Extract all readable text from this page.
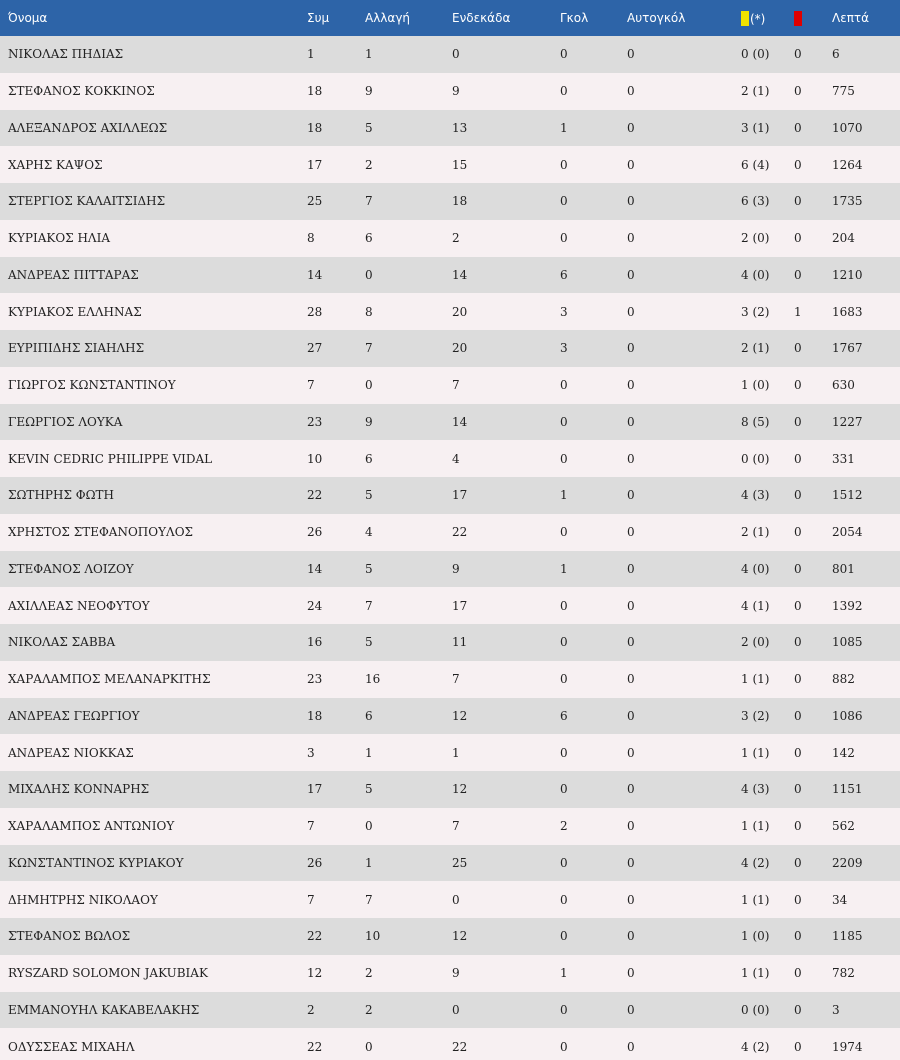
Όνομα	Συμ	Αλλαγή	Ενδεκάδα	Γκολ	Αυτογκόλ	(*)		Λεπτά
ΝΙΚΟΛΑΣ ΠΗΔΙΑΣ	1	1	0	0	0	0 (0)	0	6
ΣΤΕΦΑΝΟΣ ΚΟΚΚΙΝΟΣ	18	9	9	0	0	2 (1)	0	775
ΑΛΕΞΑΝΔΡΟΣ ΑΧΙΛΛΕΩΣ	18	5	13	1	0	3 (1)	0	1070
ΧΑΡΗΣ ΚΑΨΟΣ	17	2	15	0	0	6 (4)	0	1264
ΣΤΕΡΓΙΟΣ ΚΑΛΑΙΤΣΙΔΗΣ	25	7	18	0	0	6 (3)	0	1735
ΚΥΡΙΑΚΟΣ ΗΛΙΑ	8	6	2	0	0	2 (0)	0	204
ΑΝΔΡΕΑΣ ΠΙΤΤΑΡΑΣ	14	0	14	6	0	4 (0)	0	1210
ΚΥΡΙΑΚΟΣ ΕΛΛΗΝΑΣ	28	8	20	3	0	3 (2)	1	1683
ΕΥΡΙΠΙΔΗΣ ΣΙΑΗΛΗΣ	27	7	20	3	0	2 (1)	0	1767
ΓΙΩΡΓΟΣ ΚΩΝΣΤΑΝΤΙΝΟΥ	7	0	7	0	0	1 (0)	0	630
ΓΕΩΡΓΙΟΣ ΛΟΥΚΑ	23	9	14	0	0	8 (5)	0	1227
KEVIN CEDRIC PHILIPPE VIDAL	10	6	4	0	0	0 (0)	0	331
ΣΩΤΗΡΗΣ ΦΩΤΗ	22	5	17	1	0	4 (3)	0	1512
ΧΡΗΣΤΟΣ ΣΤΕΦΑΝΟΠΟΥΛΟΣ	26	4	22	0	0	2 (1)	0	2054
ΣΤΕΦΑΝΟΣ ΛΟΙΖΟΥ	14	5	9	1	0	4 (0)	0	801
ΑΧΙΛΛΕΑΣ ΝΕΟΦΥΤΟΥ	24	7	17	0	0	4 (1)	0	1392
ΝΙΚΟΛΑΣ ΣΑΒΒΑ	16	5	11	0	0	2 (0)	0	1085
ΧΑΡΑΛΑΜΠΟΣ ΜΕΛΑΝΑΡΚΙΤΗΣ	23	16	7	0	0	1 (1)	0	882
ΑΝΔΡΕΑΣ ΓΕΩΡΓΙΟΥ	18	6	12	6	0	3 (2)	0	1086
ΑΝΔΡΕΑΣ ΝΙΟΚΚΑΣ	3	1	1	0	0	1 (1)	0	142
ΜΙΧΑΛΗΣ ΚΟΝΝΑΡΗΣ	17	5	12	0	0	4 (3)	0	1151
ΧΑΡΑΛΑΜΠΟΣ ΑΝΤΩΝΙΟΥ	7	0	7	2	0	1 (1)	0	562
ΚΩΝΣΤΑΝΤΙΝΟΣ ΚΥΡΙΑΚΟΥ	26	1	25	0	0	4 (2)	0	2209
ΔΗΜΗΤΡΗΣ ΝΙΚΟΛΑΟΥ	7	7	0	0	0	1 (1)	0	34
ΣΤΕΦΑΝΟΣ ΒΩΛΟΣ	22	10	12	0	0	1 (0)	0	1185
RYSZARD SOLOMON JAKUBIAK	12	2	9	1	0	1 (1)	0	782
ΕΜΜΑΝΟΥΗΛ ΚΑΚΑΒΕΛΑΚΗΣ	2	2	0	0	0	0 (0)	0	3
ΟΔΥΣΣΕΑΣ ΜΙΧΑΗΛ	22	0	22	0	0	4 (2)	0	1974
